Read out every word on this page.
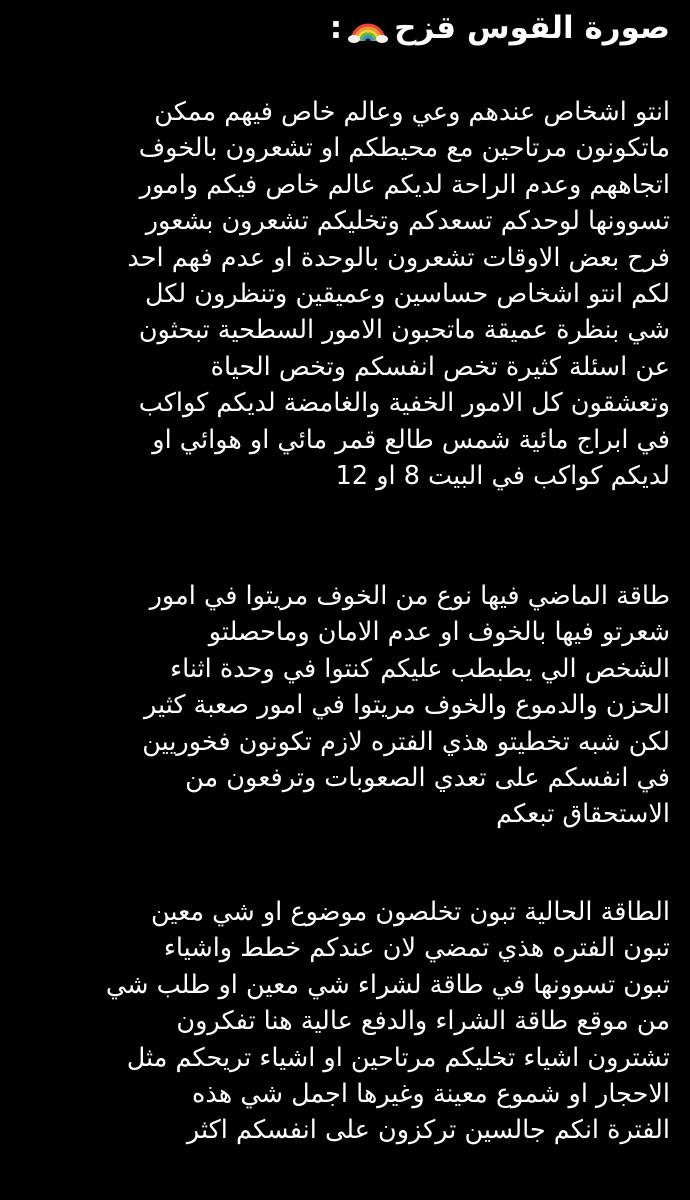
صورة القوس قزح
:
انتو اشخاص عندهم وعي وعالم خاص فيهم ممكن
ماتكونون مرتاحين مع محيطكم او تشعرون بالخوف
اتجاههم وعدم الراحة لديكم عالم خاص فيكم وامور
تسوونها لوحدكم تسعدكم وتخليكم تشعرون بشعور
فرح بعض الاوقات تشعرون بالوحدة او عدم فهم احد
لكم انتو اشخاص حساسين وعميقين وتنظرون لكل
شي بنظرة عميقة ماتحبون الامور السطحية تبحثون
عن اسئلة كثيرة تخص انفسكم وتخص الحياة
وتعشقون كل الامور الخفية والغامضة لديكم كواكب
في ابراج مائية شمس طالع قمر مائي او هوائي او
لديكم كواكب في البيت 8 او 12
طاقة الماضي فيها نوع من الخوف مريتوا في امور
شعرتو فيها بالخوف او عدم الامان وماحصلتو
الشخص الي يطبطب عليكم كنتوا في وحدة اثناء
الحزن والدموع والخوف مريتوا في امور صعبة كثير
لكن شبه تخطيتو هذي الفتره لازم تكونون فخوريين
في انفسكم على تعدي الصعوبات وترفعون من
الاستحقاق تبعكم
الطاقة الحالية تبون تخلصون موضوع او شي معين
تبون الفتره هذي تمضي لان عندكم خطط واشياء
تبون تسوونها في طاقة لشراء شي معين او طلب شي
من موقع طاقة الشراء والدفع عالية هنا تفكرون
تشترون اشياء تخليكم مرتاحين او اشياء تريحكم مثل
الاحجار او شموع معينة وغيرها اجمل شي هذه
الفترة انكم جالسين تركزون على انفسكم اكثر
